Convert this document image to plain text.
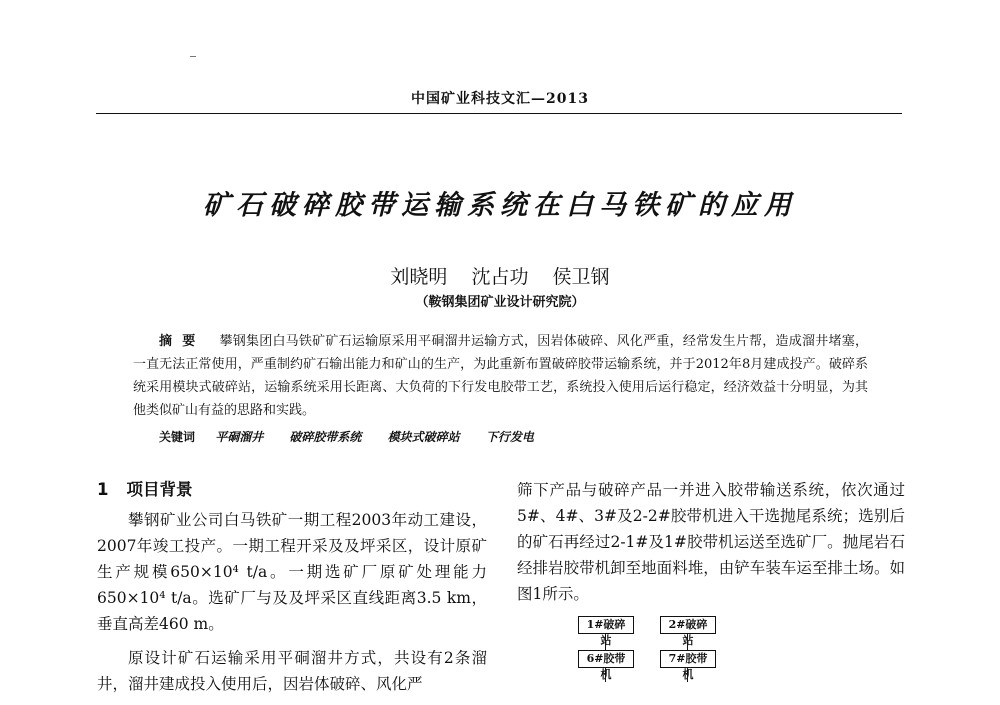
中国矿业科技文汇—2013
矿石破碎胶带运输系统在白马铁矿的应用
刘晓明 沈占功 侯卫钢
（鞍钢集团矿业设计研究院）

摘要 攀钢集团白马铁矿矿石运输原采用平硐溜井运输方式，因岩体破碎、风化严重，经常发生片帮，造成溜井堵塞，一直无法正常使用，严重制约矿石输出能力和矿山的生产，为此重新布置破碎胶带运输系统，并于2012年8月建成投产。破碎系统采用模块式破碎站，运输系统采用长距离、大负荷的下行发电胶带工艺，系统投入使用后运行稳定，经济效益十分明显，为其他类似矿山有益的思路和实践。

关键词 平硐溜井 破碎胶带系统 模块式破碎站 下行发电
1 项目背景

攀钢矿业公司白马铁矿一期工程2003年动工建设，2007年竣工投产。一期工程开采及及坪采区，设计原矿生产规模650×10⁴ t/a。一期选矿厂原矿处理能力650×10⁴ t/a。选矿厂与及及坪采区直线距离3.5 km，垂直高差460 m。

原设计矿石运输采用平硐溜井方式，共设有2条溜井，溜井建成投入使用后，因岩体破碎、风化严

筛下产品与破碎产品一并进入胶带输送系统，依次通过5#、4#、3#及2-2#胶带机进入干选抛尾系统；选别后的矿石再经过2-1#及1#胶带机运送至选矿厂。抛尾岩石经排岩胶带机卸至地面料堆，由铲车装车运至排土场。如图1所示。

1#破碎站
2#破碎站
6#胶带机
7#胶带机
